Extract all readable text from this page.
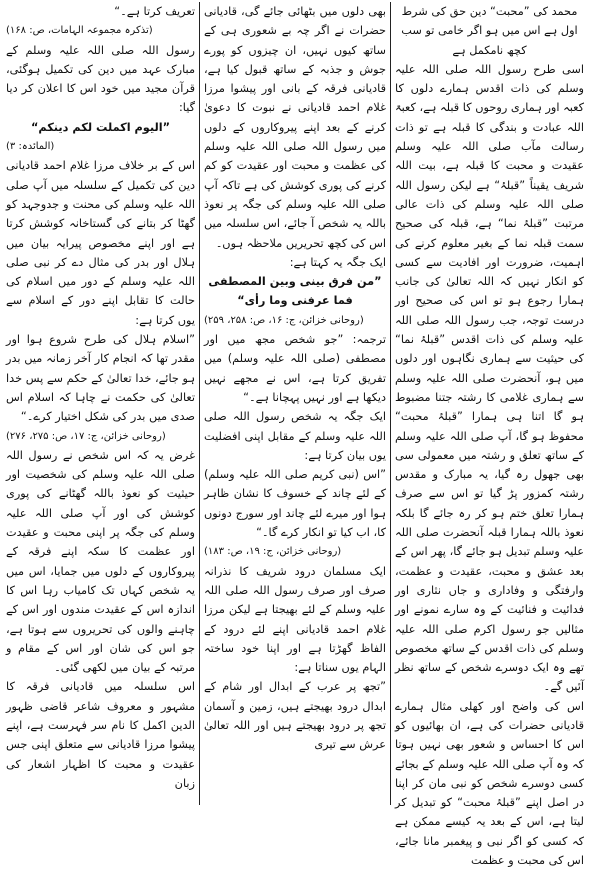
محمد کی ”محبت“ دین حق کی شرط اول ہے اس میں ہو اگر خامی تو سب کچھ نامکمل ہے

اسی طرح رسول اللہ صلی اللہ علیہ وسلم کی ذات اقدس ہمارے دلوں کا کعبہ اور ہماری روحوں کا قبلہ ہے، کعبۃ اللہ عبادت و بندگی کا قبلہ ہے تو ذات رسالت مآب صلی اللہ علیہ وسلم عقیدت و محبت کا قبلہ ہے، بیت اللہ شریف یقیناً ”قبلۂ“ ہے لیکن رسول اللہ صلی اللہ علیہ وسلم کی ذات عالی مرتبت ”قبلۂ نما“ ہے، قبلہ کی صحیح سمت قبلہ نما کے بغیر معلوم کرنے کی اہمیت، ضرورت اور افادیت سے کسی کو انکار نہیں کہ اللہ تعالیٰ کی جانب ہمارا رجوع ہو تو اس کی صحیح اور درست توجہ، جب رسول اللہ صلی اللہ علیہ وسلم کی ذات اقدس ”قبلۂ نما“ کی حیثیت سے ہماری نگاہوں اور دلوں میں ہو، آنحضرت صلی اللہ علیہ وسلم سے ہماری غلامی کا رشتہ جتنا مضبوط ہو گا اتنا ہی ہمارا ”قبلۂ محبت“ محفوظ ہو گا، آپ صلی اللہ علیہ وسلم کے ساتھ تعلق و رشتہ میں معمولی سی بھی جھول رہ گیا، یہ مبارک و مقدس رشتہ کمزور پڑ گیا تو اس سے صرف ہمارا تعلق ختم ہو کر رہ جائے گا بلکہ نعوذ باللہ ہمارا قبلہ آنحضرت صلی اللہ علیہ وسلم تبدیل ہو جائے گا، پھر اس کے بعد عشق و محبت، عقیدت و عظمت، وارفتگی و وفاداری و جاں نثاری اور فدائیت و فنائیت کے وہ سارے نمونے اور مثالیں جو رسول اکرم صلی اللہ علیہ وسلم کی ذات اقدس کے ساتھ مخصوص تھے وہ ایک دوسرے شخص کے ساتھ نظر آئیں گے۔

اس کی واضح اور کھلی مثال ہمارے قادیانی حضرات کی ہے، ان بھائیوں کو اس کا احساس و شعور بھی نہیں ہوتا کہ وہ آپ صلی اللہ علیہ وسلم کے بجائے کسی دوسرے شخص کو نبی مان کر اپنا در اصل اپنے ”قبلۂ محبت“ کو تبدیل کر لیتا ہے، اس کے بعد یہ کیسے ممکن ہے کہ کسی کو اگر نبی و پیغمبر مانا جائے، اس کی محبت و عظمت

بھی دلوں میں بٹھائی جائے گی، قادیانی حضرات نے اگر چہ بے شعوری ہی کے ساتھ کیوں نہیں، ان چیزوں کو پورے جوش و جذبہ کے ساتھ قبول کیا ہے، قادیانی فرقہ کے بانی اور پیشوا مرزا غلام احمد قادیانی نے نبوت کا دعویٰ کرنے کے بعد اپنے پیروکاروں کے دلوں میں رسول اللہ صلی اللہ علیہ وسلم کی عظمت و محبت اور عقیدت کو کم کرنے کی پوری کوشش کی ہے تاکہ آپ صلی اللہ علیہ وسلم کی جگہ پر نعوذ باللہ یہ شخص آ جائے، اس سلسلہ میں اس کی کچھ تحریریں ملاحظہ ہوں۔

ایک جگہ یہ کہتا ہے:

”من فرق بینی وبین المصطفی فما عرفنی وما رأی“

(روحانی خزائن، ج: ۱۶، ص: ۲۵۸، ۲۵۹)

ترجمہ: ”جو شخص مجھ میں اور مصطفی (صلی اللہ علیہ وسلم) میں تفریق کرتا ہے، اس نے مجھے نہیں دیکھا ہے اور نہیں پہچانا ہے۔“

ایک جگہ یہ شخص رسول اللہ صلی اللہ علیہ وسلم کے مقابل اپنی افضلیت یوں بیان کرتا ہے:

”اس (نبی کریم صلی اللہ علیہ وسلم) کے لئے چاند کے خسوف کا نشان ظاہر ہوا اور میرے لئے چاند اور سورج دونوں کا، اب کیا تو انکار کرے گا۔“

(روحانی خزائن، ج: ۱۹، ص: ۱۸۳)

ایک مسلمان درود شریف کا نذرانہ صرف اور صرف رسول اللہ صلی اللہ علیہ وسلم کے لئے بھیجتا ہے لیکن مرزا غلام احمد قادیانی اپنے لئے درود کے الفاظ گھڑتا ہے اور اپنا خود ساختہ الہام یوں سناتا ہے:

”تجھ پر عرب کے ابدال اور شام کے ابدال درود بھیجتے ہیں، زمین و آسمان تجھ پر درود بھیجتے ہیں اور اللہ تعالیٰ عرش سے تیری

تعریف کرتا ہے۔“

(تذکرہ مجموعہ الہامات، ص: ۱۶۸)

رسول اللہ صلی اللہ علیہ وسلم کے مبارک عہد میں دین کی تکمیل ہوگئی، قرآن مجید میں خود اس کا اعلان کر دیا گیا:

”الیوم اکملت لکم دینکم“

(المائدہ: ۳)

اس کے بر خلاف مرزا غلام احمد قادیانی دین کی تکمیل کے سلسلہ میں آپ صلی اللہ علیہ وسلم کی محنت و جدوجہد کو گھٹا کر بتانے کی گستاخانہ کوشش کرتا ہے اور اپنے مخصوص پیرایہ بیان میں ہلال اور بدر کی مثال دے کر نبی صلی اللہ علیہ وسلم کے دور میں اسلام کی حالت کا تقابل اپنے دور کے اسلام سے یوں کرتا ہے:

”اسلام ہلال کی طرح شروع ہوا اور مقدر تھا کہ انجام کار آخر زمانہ میں بدر ہو جائے، خدا تعالیٰ کے حکم سے پس خدا تعالیٰ کی حکمت نے چاہا کہ اسلام اس صدی میں بدر کی شکل اختیار کرے۔“

(روحانی خزائن، ج: ۱۷، ص: ۲۷۵، ۲۷۶)

غرض یہ کہ اس شخص نے رسول اللہ صلی اللہ علیہ وسلم کی شخصیت اور حیثیت کو نعوذ باللہ گھٹانے کی پوری کوشش کی اور آپ صلی اللہ علیہ وسلم کی جگہ پر اپنی محبت و عقیدت اور عظمت کا سکہ اپنے فرقہ کے پیروکاروں کے دلوں میں جمایا، اس میں یہ شخص کہاں تک کامیاب رہا اس کا اندازہ اس کے عقیدت مندوں اور اس کے چاہنے والوں کی تحریروں سے ہوتا ہے، جو اس کی شان اور اس کے مقام و مرتبہ کے بیان میں لکھی گئی۔

اس سلسلہ میں قادیانی فرقہ کا مشہور و معروف شاعر قاضی ظہور الدین اکمل کا نام سر فہرست ہے، اپنے پیشوا مرزا قادیانی سے متعلق اپنی جس عقیدت و محبت کا اظہار اشعار کی زبان
